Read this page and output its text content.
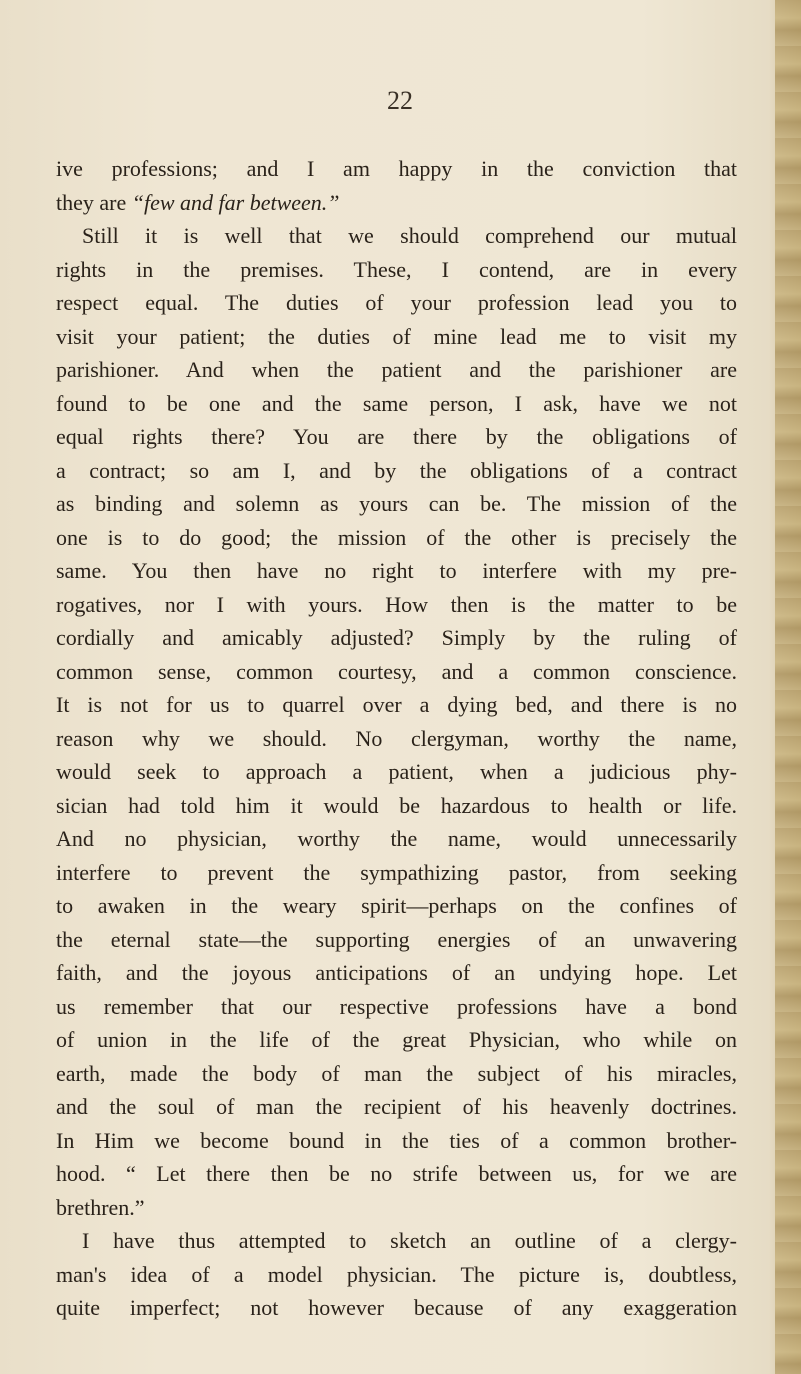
22
ive professions; and I am happy in the conviction that
they are “few and far between.”
Still it is well that we should comprehend our mutual
rights in the premises. These, I contend, are in every
respect equal. The duties of your profession lead you to
visit your patient; the duties of mine lead me to visit my
parishioner. And when the patient and the parishioner are
found to be one and the same person, I ask, have we not
equal rights there? You are there by the obligations of
a contract; so am I, and by the obligations of a contract
as binding and solemn as yours can be. The mission of the
one is to do good; the mission of the other is precisely the
same. You then have no right to interfere with my pre-
rogatives, nor I with yours. How then is the matter to be
cordially and amicably adjusted? Simply by the ruling of
common sense, common courtesy, and a common conscience.
It is not for us to quarrel over a dying bed, and there is no
reason why we should. No clergyman, worthy the name,
would seek to approach a patient, when a judicious phy-
sician had told him it would be hazardous to health or life.
And no physician, worthy the name, would unnecessarily
interfere to prevent the sympathizing pastor, from seeking
to awaken in the weary spirit—perhaps on the confines of
the eternal state—the supporting energies of an unwavering
faith, and the joyous anticipations of an undying hope. Let
us remember that our respective professions have a bond
of union in the life of the great Physician, who while on
earth, made the body of man the subject of his miracles,
and the soul of man the recipient of his heavenly doctrines.
In Him we become bound in the ties of a common brother-
hood. “ Let there then be no strife between us, for we are
brethren.”
I have thus attempted to sketch an outline of a clergy-
man's idea of a model physician. The picture is, doubtless,
quite imperfect; not however because of any exaggeration
